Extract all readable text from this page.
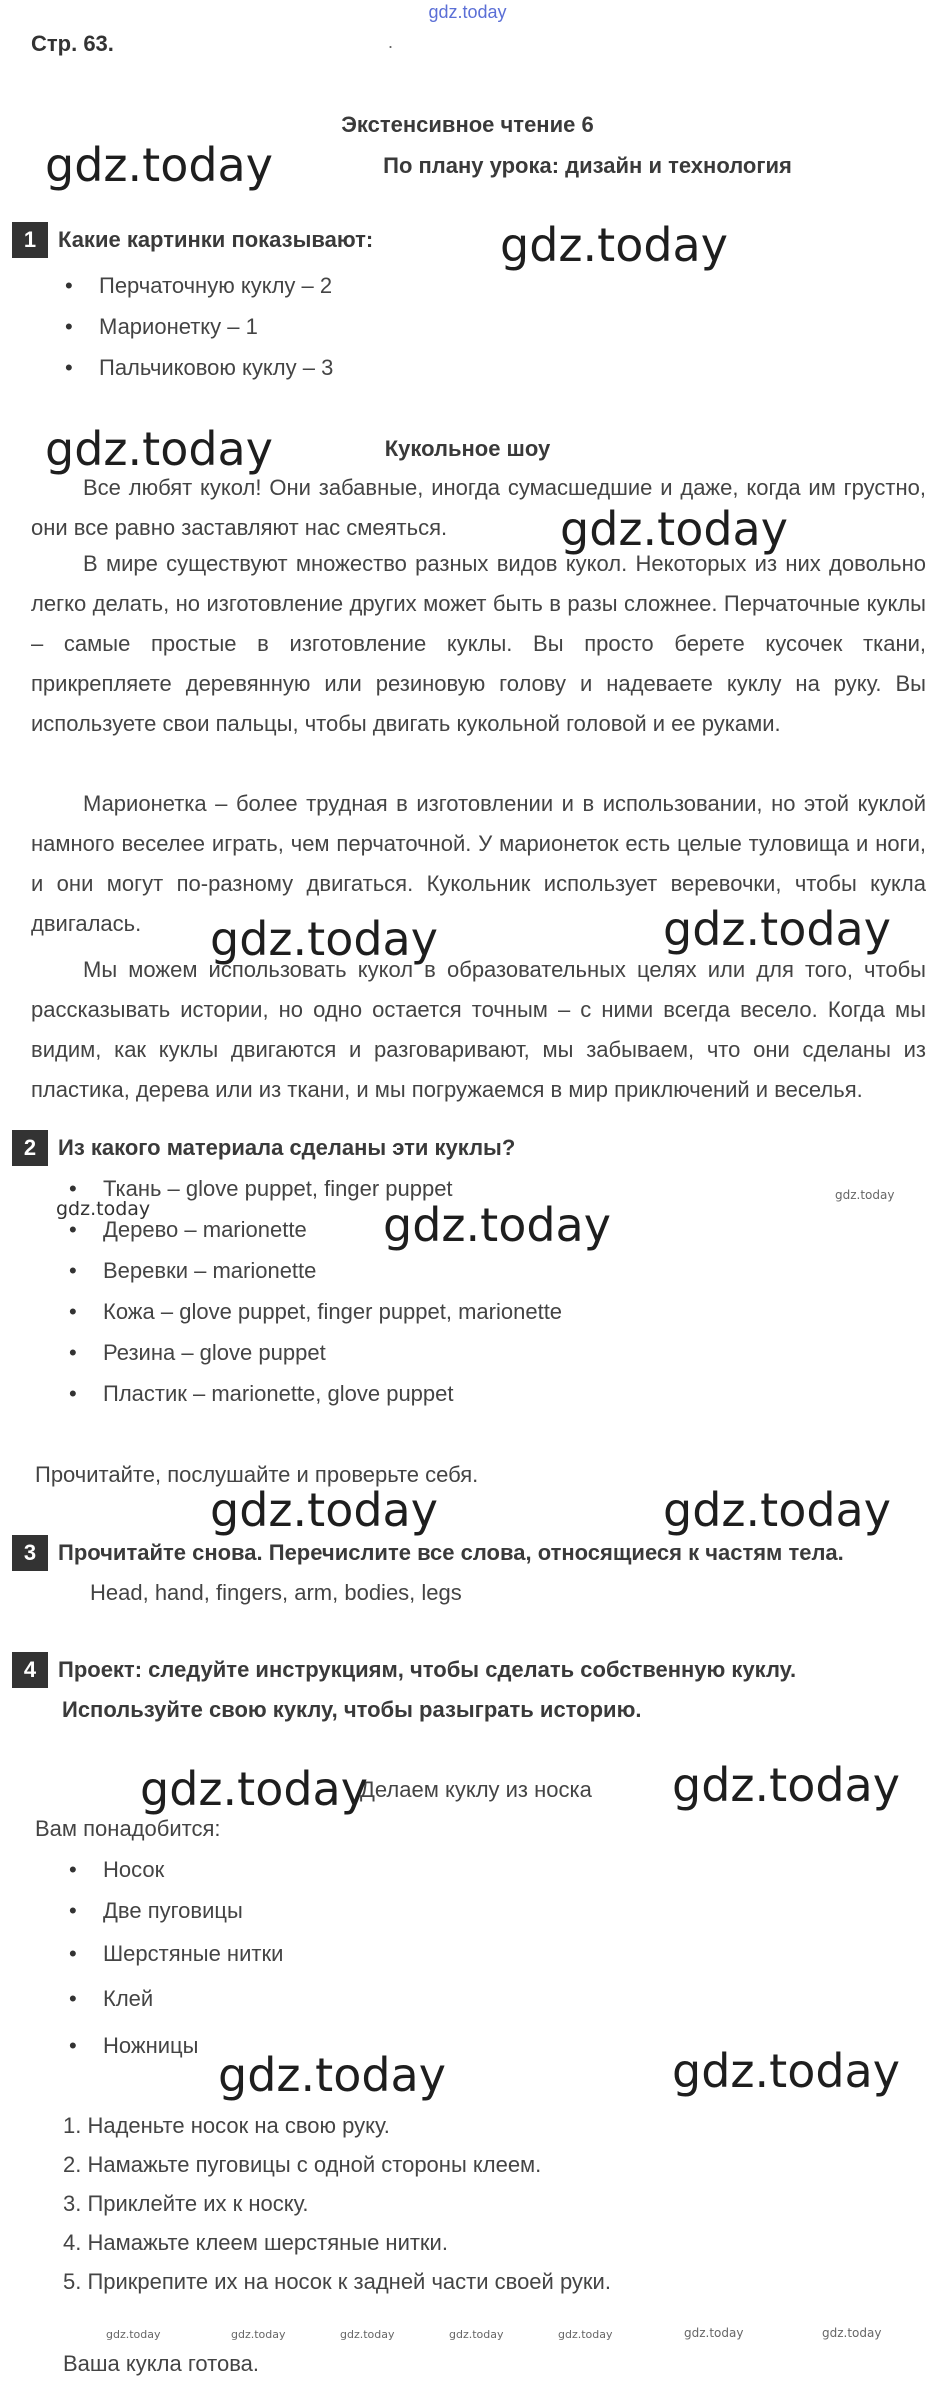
gdz.today
Стр. 63.	.
Экстенсивное чтение 6
По плану урока: дизайн и технология
1 Какие картинки показывают:
• Перчаточную куклу – 2
• Марионетку – 1
• Пальчиковою куклу – 3
Кукольное шоу

Все любят кукол! Они забавные, иногда сумасшедшие и даже, когда им грустно, они все равно заставляют нас смеяться.

В мире существуют множество разных видов кукол. Некоторых из них довольно легко делать, но изготовление других может быть в разы сложнее. Перчаточные куклы – самые простые в изготовление куклы. Вы просто берете кусочек ткани, прикрепляете деревянную или резиновую голову и надеваете куклу на руку. Вы используете свои пальцы, чтобы двигать кукольной головой и ее руками.

Марионетка – более трудная в изготовлении и в использовании, но этой куклой намного веселее играть, чем перчаточной. У марионеток есть целые туловища и ноги, и они могут по-разному двигаться. Кукольник использует веревочки, чтобы кукла двигалась.

Мы можем использовать кукол в образовательных целях или для того, чтобы рассказывать истории, но одно остается точным – с ними всегда весело. Когда мы видим, как куклы двигаются и разговаривают, мы забываем, что они сделаны из пластика, дерева или из ткани, и мы погружаемся в мир приключений и веселья.

2 Из какого материала сделаны эти куклы?
• Ткань – glove puppet, finger puppet
• Дерево – marionette
• Веревки – marionette
• Кожа – glove puppet, finger puppet, marionette
• Резина – glove puppet
• Пластик – marionette, glove puppet
Прочитайте, послушайте и проверьте себя.
3 Прочитайте снова. Перечислите все слова, относящиеся к частям тела.
Head, hand, fingers, arm, bodies, legs
4 Проект: следуйте инструкциям, чтобы сделать собственную куклу.
Используйте свою куклу, чтобы разыграть историю.
Делаем куклу из носка
Вам понадобится:
• Носок
• Две пуговицы
• Шерстяные нитки
• Клей
• Ножницы
1. Наденьте носок на свою руку.
2. Намажьте пуговицы с одной стороны клеем.
3. Приклейте их к носку.
4. Намажьте клеем шерстяные нитки.
5. Прикрепите их на носок к задней части своей руки.
Ваша кукла готова.
gdz.today
gdz.today
gdz.today
gdz.today
gdz.today	gdz.today
gdz.today
gdz.today
gdz.today
gdz.today	gdz.today
gdz.today	gdz.today
gdz.today	gdz.today
gdz.today	gdz.today	gdz.today	gdz.today	gdz.today	gdz.today	gdz.today
